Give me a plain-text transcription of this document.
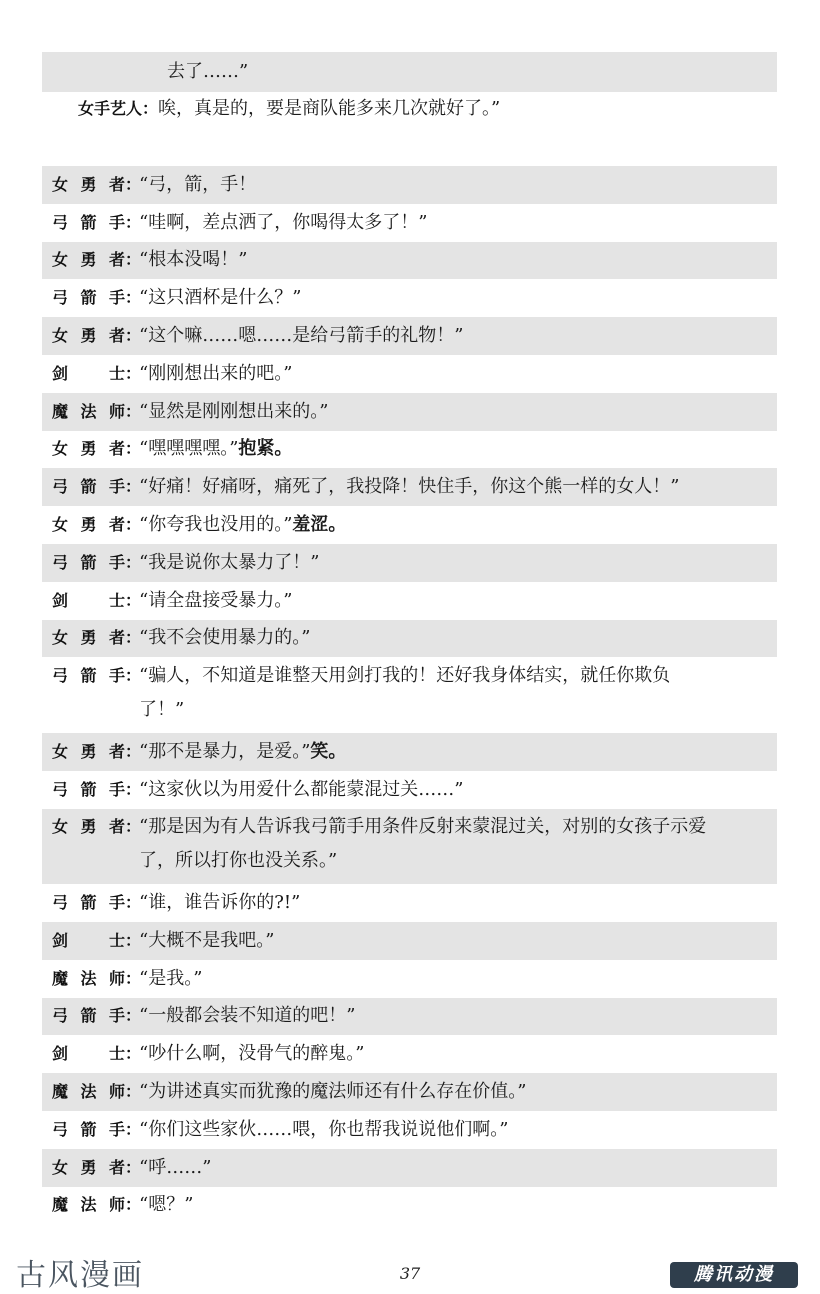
去了……”
女手艺人： 唉，真是的，要是商队能多来几次就好了。”
女勇者：
“弓，箭，手！
弓箭手：
“哇啊，差点洒了，你喝得太多了！”
女勇者：
“根本没喝！”
弓箭手：
“这只酒杯是什么？”
女勇者：
“这个嘛……嗯……是给弓箭手的礼物！”
剑士：
“刚刚想出来的吧。”
魔法师：
“显然是刚刚想出来的。”
女勇者：
“嘿嘿嘿嘿。”抱紧。
弓箭手：
“好痛！好痛呀，痛死了，我投降！快住手，你这个熊一样的女人！”
女勇者：
“你夸我也没用的。”羞涩。
弓箭手：
“我是说你太暴力了！”
剑士：
“请全盘接受暴力。”
女勇者：
“我不会使用暴力的。”
弓箭手：
“骗人，不知道是谁整天用剑打我的！还好我身体结实，就任你欺负
了！”
女勇者：
“那不是暴力，是爱。”笑。
弓箭手：
“这家伙以为用爱什么都能蒙混过关……”
女勇者：
“那是因为有人告诉我弓箭手用条件反射来蒙混过关，对别的女孩子示爱
了，所以打你也没关系。”
弓箭手：
“谁，谁告诉你的?!”
剑士：
“大概不是我吧。”
魔法师：
“是我。”
弓箭手：
“一般都会装不知道的吧！”
剑士：
“吵什么啊，没骨气的醉鬼。”
魔法师：
“为讲述真实而犹豫的魔法师还有什么存在价值。”
弓箭手：
“你们这些家伙……喂，你也帮我说说他们啊。”
女勇者：
“呼……”
魔法师：
“嗯？”
古风漫画	37	腾讯动漫
